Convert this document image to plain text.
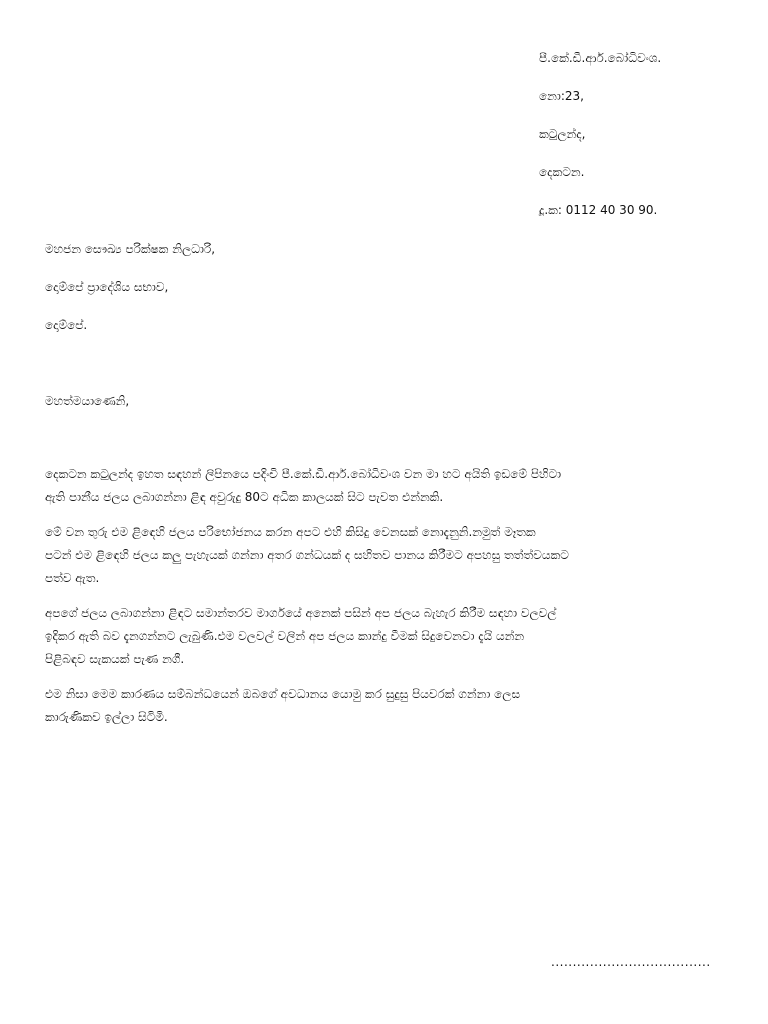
පී.කේ.ඩී.ආර්.බෝධිවංශ.
නො:23,
කටුලන්ද,
දෙකටන.
දූ.ක: 0112 40 30 90.
මහජන සෞඛ්‍ය පරික්ෂක නිලධාරි,
දොම්පේ ප්‍රාදේශිය සභාව,
දොම්පේ.
මහත්මයාණෙනි,
දෙකටන කටුලන්ද ඉහත සඳහන් ලිපිනයෙ පදිංචි පී.කේ.ඩී.ආර්.බෝධිවංශ වන මා හට අයිති ඉඩමේ පිහිටා
ඇති පානීය ජලය ලබාගන්නා ළිඳ අවුරුදු 80ට අධික කාලයක් සිට පැවත එන්නකි.
මේ වන තුරු එම ළිඳෙහි ජලය පරිභෝජනය කරන අපට එහි කිසිදු වෙනසක් නොදැනුනි.නමුත් මෑතක
පටන් එම ළිඳෙහි ජලය කලු පැහැයක් ගන්නා අතර ගන්ධයක් ද සහිතව පානය කිරීමට අපහසු තත්ත්වයකට
පත්ව ඇත.
අපගේ ජලය ලබාගන්නා ළිඳට සමාන්තරව මාර්ගයේ අනෙක් පසින් අප ජලය බැහැර කිරීම සඳහා වලවල්
ඉදිකර ඇති බව දැනගන්නට ලැබුණි.එම වලවල් වලින් අප ජලය කාන්දු වීමක් සිදුවෙනවා දැයි යන්න
පිළිබඳව සැකයක් පැණ නගී.
එම නිසා මෙම කාරණය සම්බන්ධයෙන් ඔබගේ අවධානය යොමු කර සුදුසු පියවරක් ගන්නා ලෙස
කාරුණිකව ඉල්ලා සිටිමි.
.....................................
